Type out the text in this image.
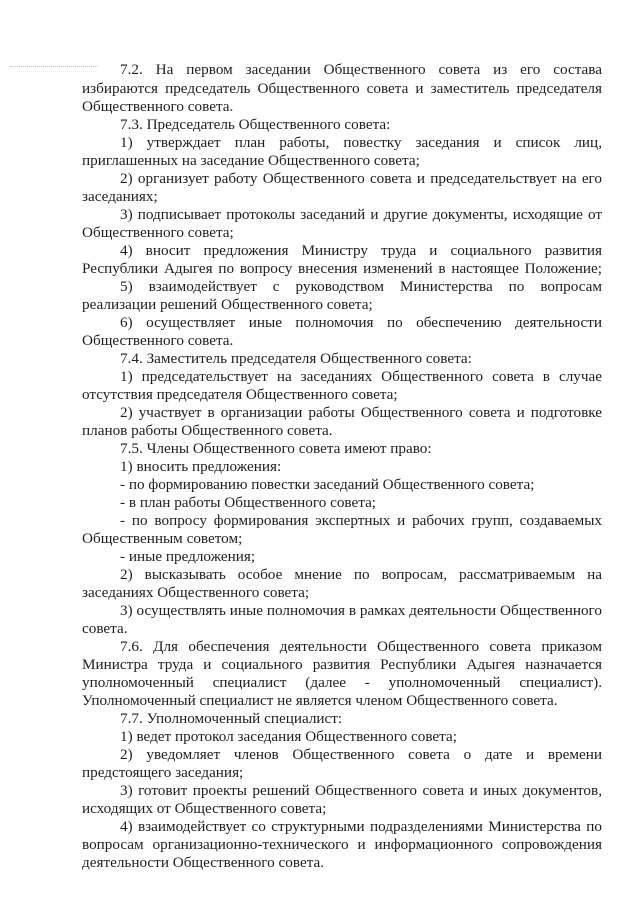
7.2. На первом заседании Общественного совета из его состава
избираются председатель Общественного совета и заместитель председателя
Общественного совета.
7.3. Председатель Общественного совета:
1) утверждает план работы, повестку заседания и список лиц,
приглашенных на заседание Общественного совета;
2) организует работу Общественного совета и председательствует на его
заседаниях;
3) подписывает протоколы заседаний и другие документы, исходящие от
Общественного совета;
4) вносит предложения Министру труда и социального развития
Республики Адыгея по вопросу внесения изменений в настоящее Положение;
5) взаимодействует с руководством Министерства по вопросам
реализации решений Общественного совета;
6) осуществляет иные полномочия по обеспечению деятельности
Общественного совета.
7.4. Заместитель председателя Общественного совета:
1) председательствует на заседаниях Общественного совета в случае
отсутствия председателя Общественного совета;
2) участвует в организации работы Общественного совета и подготовке
планов работы Общественного совета.
7.5. Члены Общественного совета имеют право:
1) вносить предложения:
- по формированию повестки заседаний Общественного совета;
- в план работы Общественного совета;
- по вопросу формирования экспертных и рабочих групп, создаваемых
Общественным советом;
- иные предложения;
2) высказывать особое мнение по вопросам, рассматриваемым на
заседаниях Общественного совета;
3) осуществлять иные полномочия в рамках деятельности Общественного
совета.
7.6. Для обеспечения деятельности Общественного совета приказом
Министра труда и социального развития Республики Адыгея назначается
уполномоченный специалист (далее - уполномоченный специалист).
Уполномоченный специалист не является членом Общественного совета.
7.7. Уполномоченный специалист:
1) ведет протокол заседания Общественного совета;
2) уведомляет членов Общественного совета о дате и времени
предстоящего заседания;
3) готовит проекты решений Общественного совета и иных документов,
исходящих от Общественного совета;
4) взаимодействует со структурными подразделениями Министерства по
вопросам организационно-технического и информационного сопровождения
деятельности Общественного совета.
